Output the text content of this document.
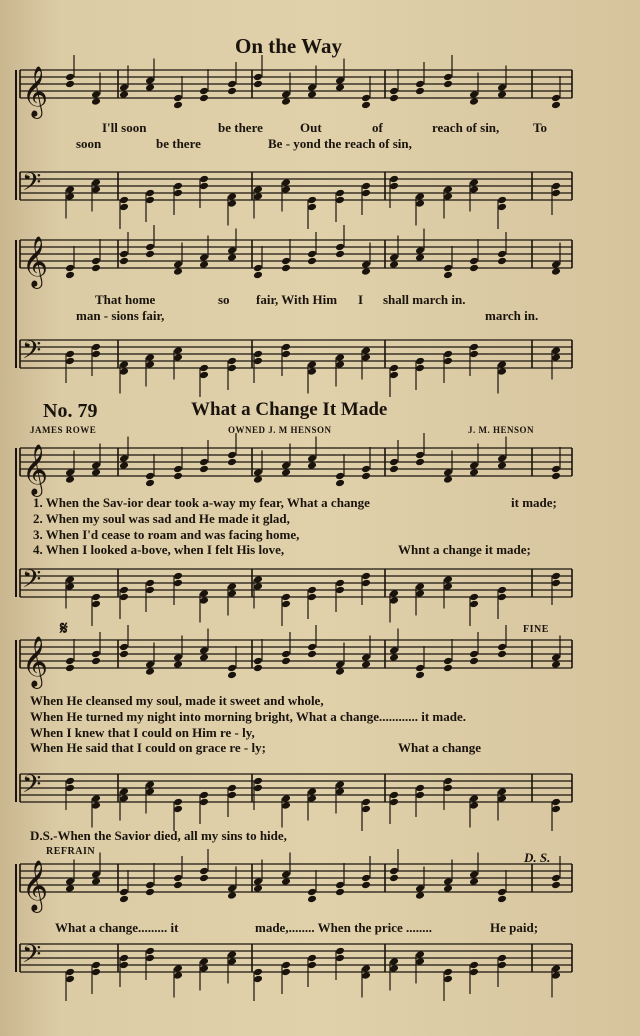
𝄞
𝄢
𝄞
𝄢
𝄞
𝄢
𝄞
𝄢
𝄞
𝄢
On the Way
I'll soon	be there	Out	of	reach of sin,	To
soon	be there	Be - yond the reach of sin,
That home	so fair, With Him I shall march in.
man - sions fair,	march in.
No. 79	What a Change It Made
JAMES ROWE	OWNED J. M HENSON	J. M. HENSON
1. When the Sav-ior dear took a-way my fear, What a change	it made;
2. When my soul was sad and He made it glad,
3. When I'd cease to roam and was facing home,
4. When I looked a-bove, when I felt His love,	Whnt a change it made;
𝄋	FINE
When He cleansed my soul, made it sweet and whole,
When He turned my night into morning bright, What a change............ it made.
When I knew that I could on Him re - ly,
When He said that I could on grace re - ly;	What a change
D.S.-When the Savior died, all my sins to hide,
REFRAIN	D. S.
What a change......... it	made,........ When the price ........	He paid;
